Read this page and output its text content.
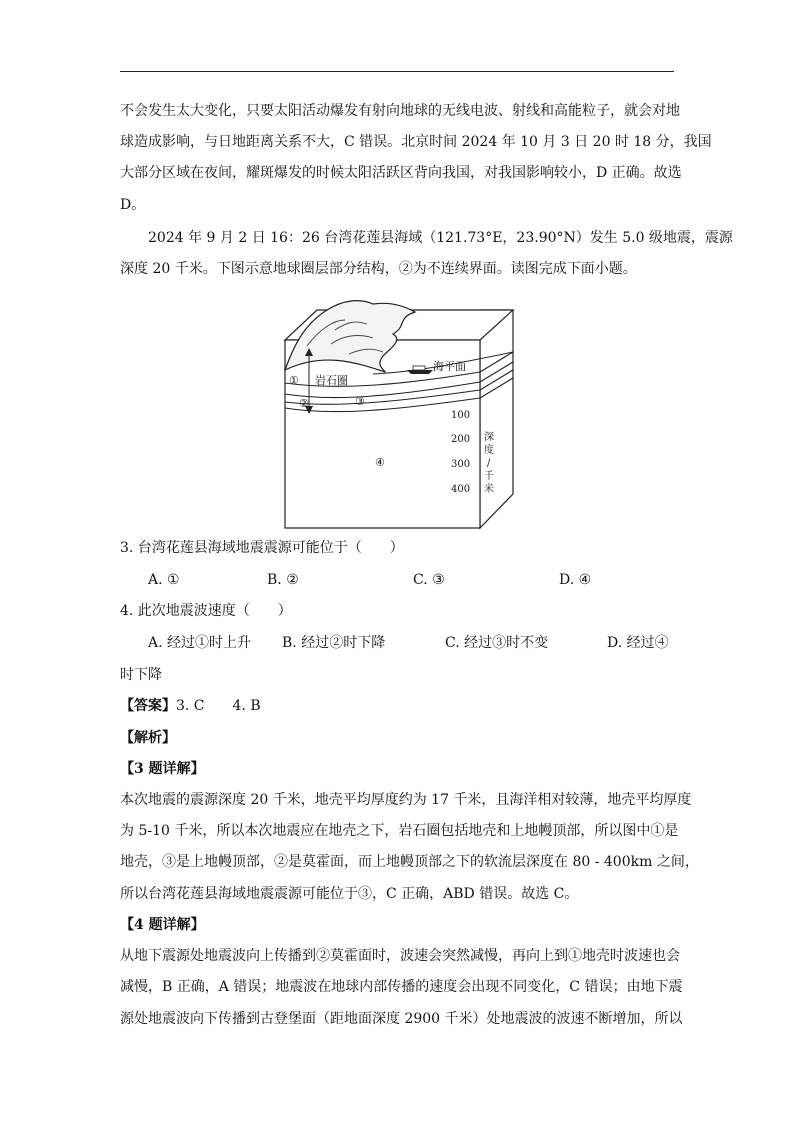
不会发生太大变化，只要太阳活动爆发有射向地球的无线电波、射线和高能粒子，就会对地
球造成影响，与日地距离关系不大，C 错误。北京时间 2024 年 10 月 3 日 20 时 18 分，我国
大部分区域在夜间，耀斑爆发的时候太阳活跃区背向我国，对我国影响较小，D 正确。故选
D。
2024 年 9 月 2 日 16：26 台湾花莲县海域（121.73°E，23.90°N）发生 5.0 级地震，震源
深度 20 千米。下图示意地球圈层部分结构，②为不连续界面。读图完成下面小题。
海平面
岩石圈
①
②	③
④
100
200
300
400
深
度
/
千
米
3. 台湾花莲县海域地震震源可能位于（　　）
A. ①	B. ②	C. ③	D. ④
4. 此次地震波速度（　　）
A. 经过①时上升 B. 经过②时下降	C. 经过③时不变	D. 经过④
时下降
【答案】3. C　　4. B
【解析】
【3 题详解】
本次地震的震源深度 20 千米，地壳平均厚度约为 17 千米，且海洋相对较薄，地壳平均厚度
为 5-10 千米，所以本次地震应在地壳之下，岩石圈包括地壳和上地幔顶部，所以图中①是
地壳，③是上地幔顶部，②是莫霍面，而上地幔顶部之下的软流层深度在 80 - 400km 之间，
所以台湾花莲县海域地震震源可能位于③，C 正确，ABD 错误。故选 C。
【4 题详解】
从地下震源处地震波向上传播到②莫霍面时，波速会突然减慢，再向上到①地壳时波速也会
减慢，B 正确，A 错误；地震波在地球内部传播的速度会出现不同变化，C 错误；由地下震
源处地震波向下传播到古登堡面（距地面深度 2900 千米）处地震波的波速不断增加，所以
